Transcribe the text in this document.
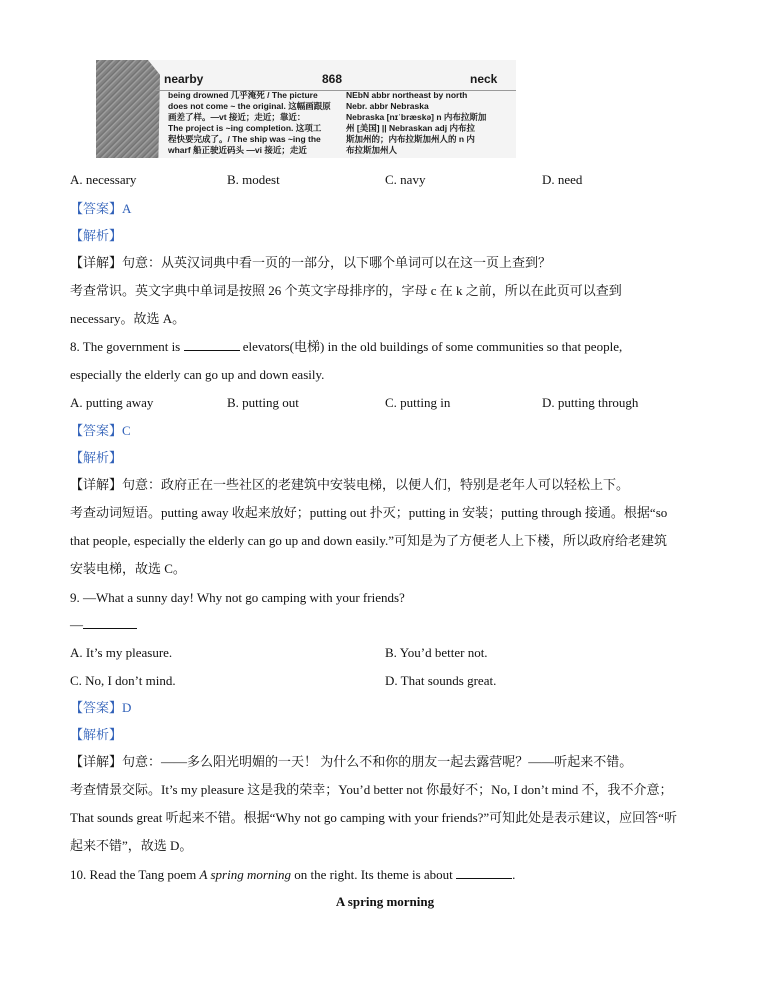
nearby	868	neck
being drowned 几乎淹死 / The picture
does not come ~ the original. 这幅画跟原
画差了样。—vt 接近；走近；靠近：
The project is ~ing completion. 这项工
程快要完成了。/ The ship was ~ing the
wharf 船正驶近码头 —vi 接近；走近
NEbN abbr northeast by north
Nebr. abbr Nebraska
Nebraska [nɪˈbræskə] n 内布拉斯加
州 [美国] || Nebraskan adj 内布拉
斯加州的；内布拉斯加州人的 n 内
布拉斯加州人
A. necessary	B. modest	C. navy	D. need
【答案】A
【解析】
【详解】句意：从英汉词典中看一页的一部分，以下哪个单词可以在这一页上查到？
考查常识。英文字典中单词是按照 26 个英文字母排序的，字母 c 在 k 之前，所以在此页可以查到
necessary。故选 A。
8. The government is	elevators(电梯) in the old buildings of some communities so that people,
especially the elderly can go up and down easily.
A. putting away	B. putting out	C. putting in	D. putting through
【答案】C
【解析】
【详解】句意：政府正在一些社区的老建筑中安装电梯，以便人们，特别是老年人可以轻松上下。
考查动词短语。putting away 收起来放好；putting out 扑灭；putting in 安装；putting through 接通。根据“so
that people, especially the elderly can go up and down easily.”可知是为了方便老人上下楼，所以政府给老建筑
安装电梯，故选 C。
9. —What a sunny day! Why not go camping with your friends?
—
A. It’s my pleasure.	B. You’d better not.
C. No, I don’t mind.	D. That sounds great.
【答案】D
【解析】
【详解】句意：——多么阳光明媚的一天！ 为什么不和你的朋友一起去露营呢？——听起来不错。
考查情景交际。It’s my pleasure 这是我的荣幸；You’d better not 你最好不；No, I don’t mind 不，我不介意；
That sounds great 听起来不错。根据“Why not go camping with your friends?”可知此处是表示建议，应回答“听
起来不错”，故选 D。
10. Read the Tang poem A spring morning on the right. Its theme is about	.
A spring morning
